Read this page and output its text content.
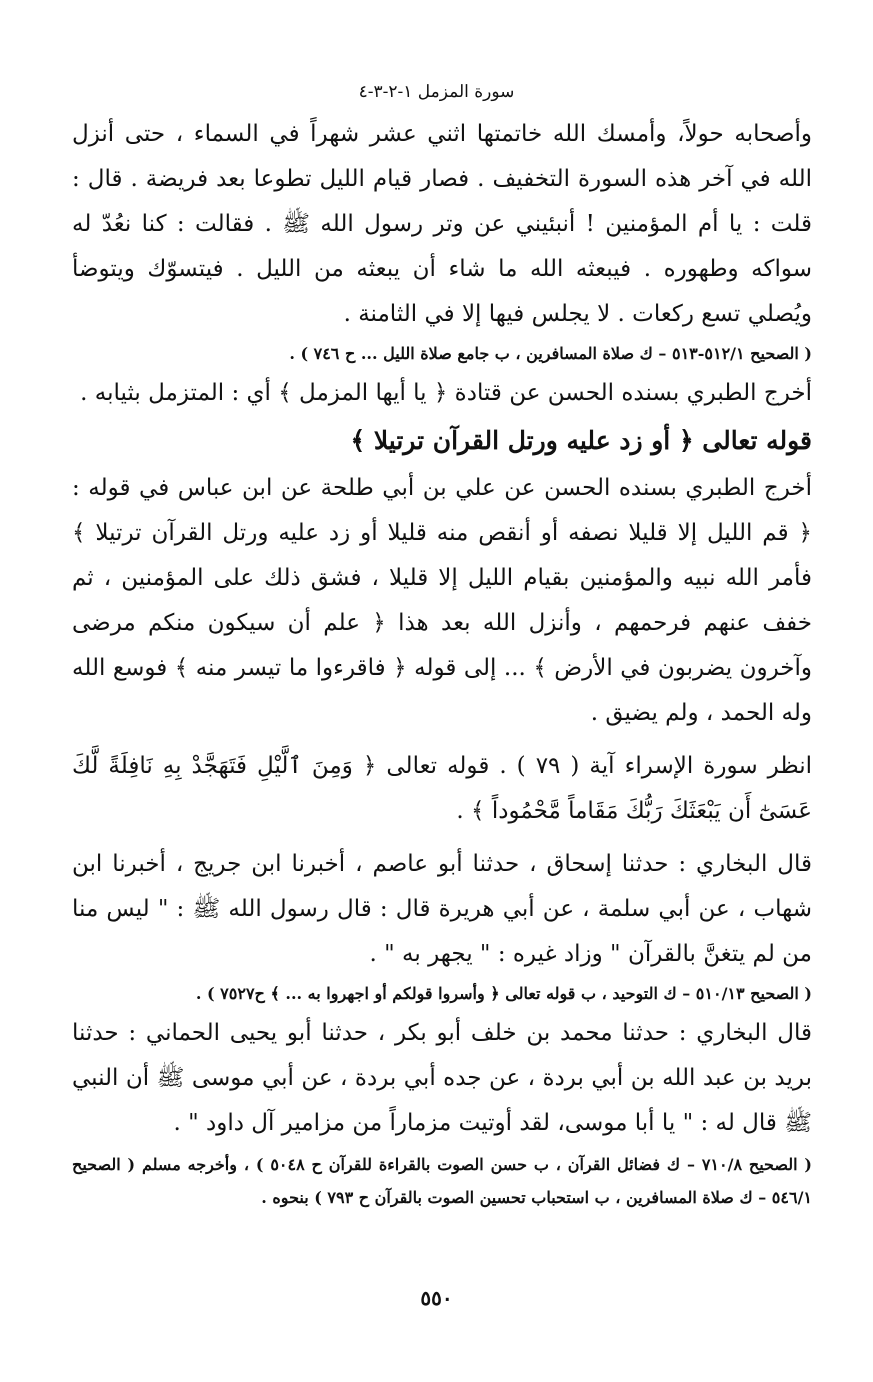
سورة المزمل ١-٢-٣-٤

وأصحابه حولاً، وأمسك الله خاتمتها اثني عشر شهراً في السماء ، حتى أنزل الله في آخر هذه السورة التخفيف . فصار قيام الليل تطوعا بعد فريضة . قال : قلت : يا أم المؤمنين ! أنبئيني عن وتر رسول الله ﷺ . فقالت : كنا نعُدّ له سواكه وطهوره . فيبعثه الله ما شاء أن يبعثه من الليل . فيتسوّك ويتوضأ ويُصلي تسع ركعات . لا يجلس فيها إلا في الثامنة .

( الصحيح ٥١٢/١-٥١٣ – ك صلاة المسافرين ، ب جامع صلاة الليل ... ح ٧٤٦ ) .

أخرج الطبري بسنده الحسن عن قتادة ﴿ يا أيها المزمل ﴾ أي : المتزمل بثيابه .

قوله تعالى ﴿ أو زد عليه ورتل القرآن ترتيلا ﴾

أخرج الطبري بسنده الحسن عن علي بن أبي طلحة عن ابن عباس في قوله : ﴿ قم الليل إلا قليلا نصفه أو أنقص منه قليلا أو زد عليه ورتل القرآن ترتيلا ﴾ فأمر الله نبيه والمؤمنين بقيام الليل إلا قليلا ، فشق ذلك على المؤمنين ، ثم خفف عنهم فرحمهم ، وأنزل الله بعد هذا ﴿ علم أن سيكون منكم مرضى وآخرون يضربون في الأرض ﴾ ... إلى قوله ﴿ فاقرءوا ما تيسر منه ﴾ فوسع الله وله الحمد ، ولم يضيق .

انظر سورة الإسراء آية ( ٧٩ ) . قوله تعالى ﴿ وَمِنَ ٱلَّيْلِ فَتَهَجَّدْ بِهِ نَافِلَةً لَّكَ عَسَىٰٓ أَن يَبْعَثَكَ رَبُّكَ مَقَاماً مَّحْمُوداً ﴾ .

قال البخاري : حدثنا إسحاق ، حدثنا أبو عاصم ، أخبرنا ابن جريج ، أخبرنا ابن شهاب ، عن أبي سلمة ، عن أبي هريرة قال : قال رسول الله ﷺ : " ليس منا من لم يتغنَّ بالقرآن " وزاد غيره : " يجهر به " .

( الصحيح ٥١٠/١٣ – ك التوحيد ، ب قوله تعالى ﴿ وأسروا قولكم أو اجهروا به ... ﴾ ح٧٥٢٧ ) .

قال البخاري : حدثنا محمد بن خلف أبو بكر ، حدثنا أبو يحيى الحماني : حدثنا بريد بن عبد الله بن أبي بردة ، عن جده أبي بردة ، عن أبي موسى ﷺ أن النبي ﷺ قال له : " يا أبا موسى، لقد أوتيت مزماراً من مزامير آل داود " .

( الصحيح ٧١٠/٨ – ك فضائل القرآن ، ب حسن الصوت بالقراءة للقرآن ح ٥٠٤٨ ) ، وأخرجه مسلم ( الصحيح ٥٤٦/١ – ك صلاة المسافرين ، ب استحباب تحسين الصوت بالقرآن ح ٧٩٣ ) بنحوه .

٥٥٠
